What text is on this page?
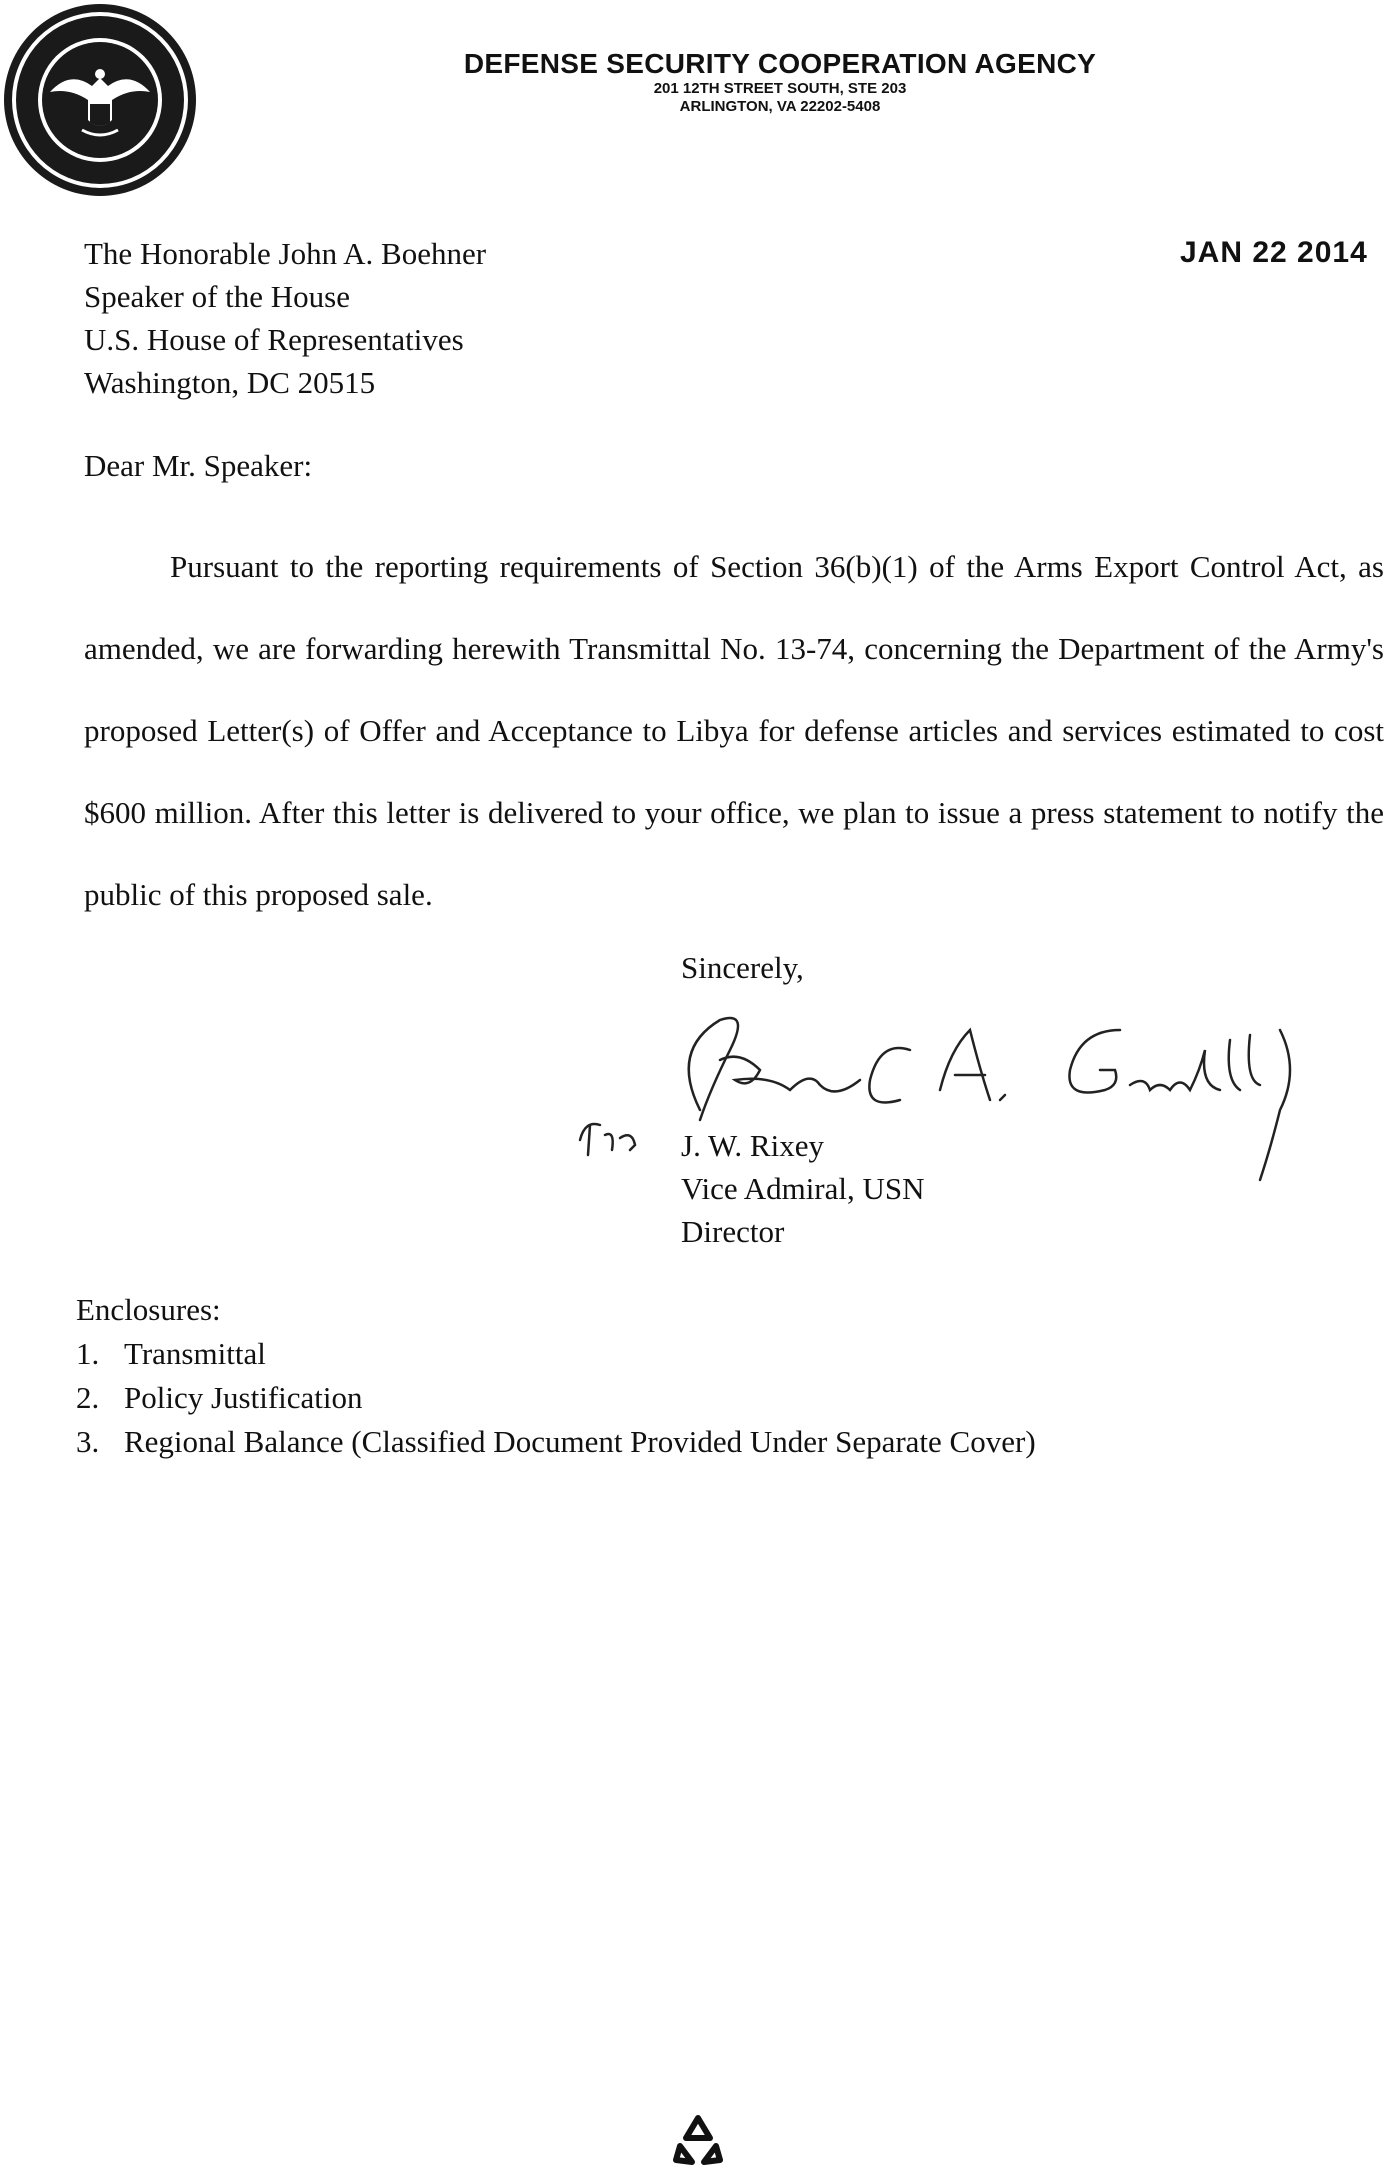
DEFENSE SECURITY COOPERATION AGENCY
201 12TH STREET SOUTH, STE 203
ARLINGTON, VA 22202-5408
JAN 22 2014
The Honorable John A. Boehner
Speaker of the House
U.S. House of Representatives
Washington, DC 20515
Dear Mr. Speaker:
Pursuant to the reporting requirements of Section 36(b)(1) of the Arms Export Control Act, as amended, we are forwarding herewith Transmittal No. 13-74, concerning the Department of the Army's proposed Letter(s) of Offer and Acceptance to Libya for defense articles and services estimated to cost $600 million. After this letter is delivered to your office, we plan to issue a press statement to notify the public of this proposed sale.
Sincerely,
J. W. Rixey
Vice Admiral, USN
Director
Enclosures:
1. Transmittal
2. Policy Justification
3. Regional Balance (Classified Document Provided Under Separate Cover)
